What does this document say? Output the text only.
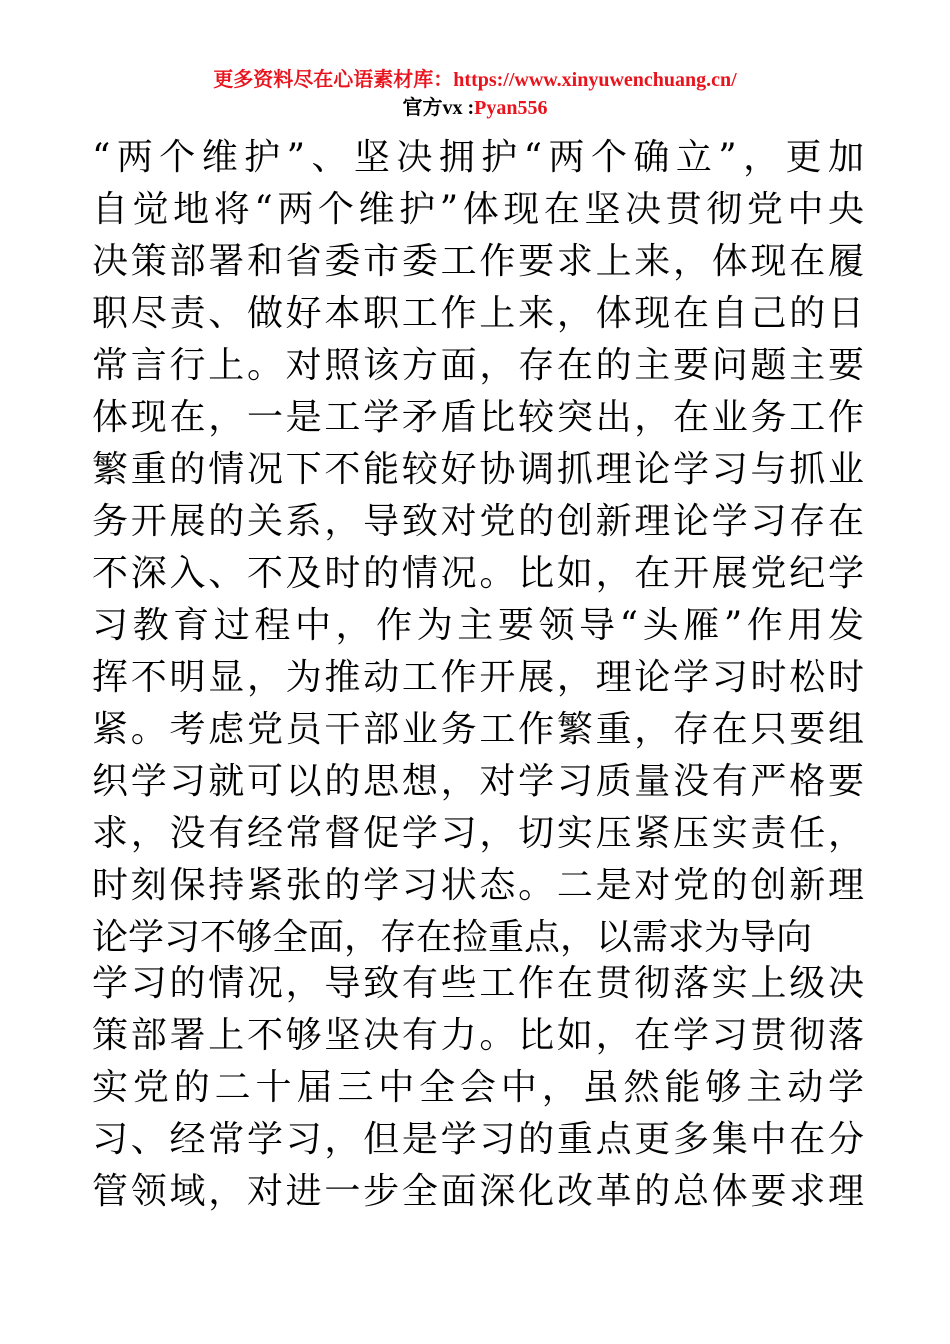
更多资料尽在心语素材库：https://www.xinyuwenchuang.cn/
官方vx :Pyan556
“两个维护”、坚决拥护“两个确立”，更加
自觉地将“两个维护”体现在坚决贯彻党中央
决策部署和省委市委工作要求上来，体现在履
职尽责、做好本职工作上来，体现在自己的日
常言行上。对照该方面，存在的主要问题主要
体现在，一是工学矛盾比较突出，在业务工作
繁重的情况下不能较好协调抓理论学习与抓业
务开展的关系，导致对党的创新理论学习存在
不深入、不及时的情况。比如，在开展党纪学
习教育过程中，作为主要领导“头雁”作用发
挥不明显，为推动工作开展，理论学习时松时
紧。考虑党员干部业务工作繁重，存在只要组
织学习就可以的思想，对学习质量没有严格要
求，没有经常督促学习，切实压紧压实责任，
时刻保持紧张的学习状态。二是对党的创新理
论学习不够全面，存在捡重点，以需求为导向
学习的情况，导致有些工作在贯彻落实上级决
策部署上不够坚决有力。比如，在学习贯彻落
实党的二十届三中全会中，虽然能够主动学
习、经常学习，但是学习的重点更多集中在分
管领域，对进一步全面深化改革的总体要求理
